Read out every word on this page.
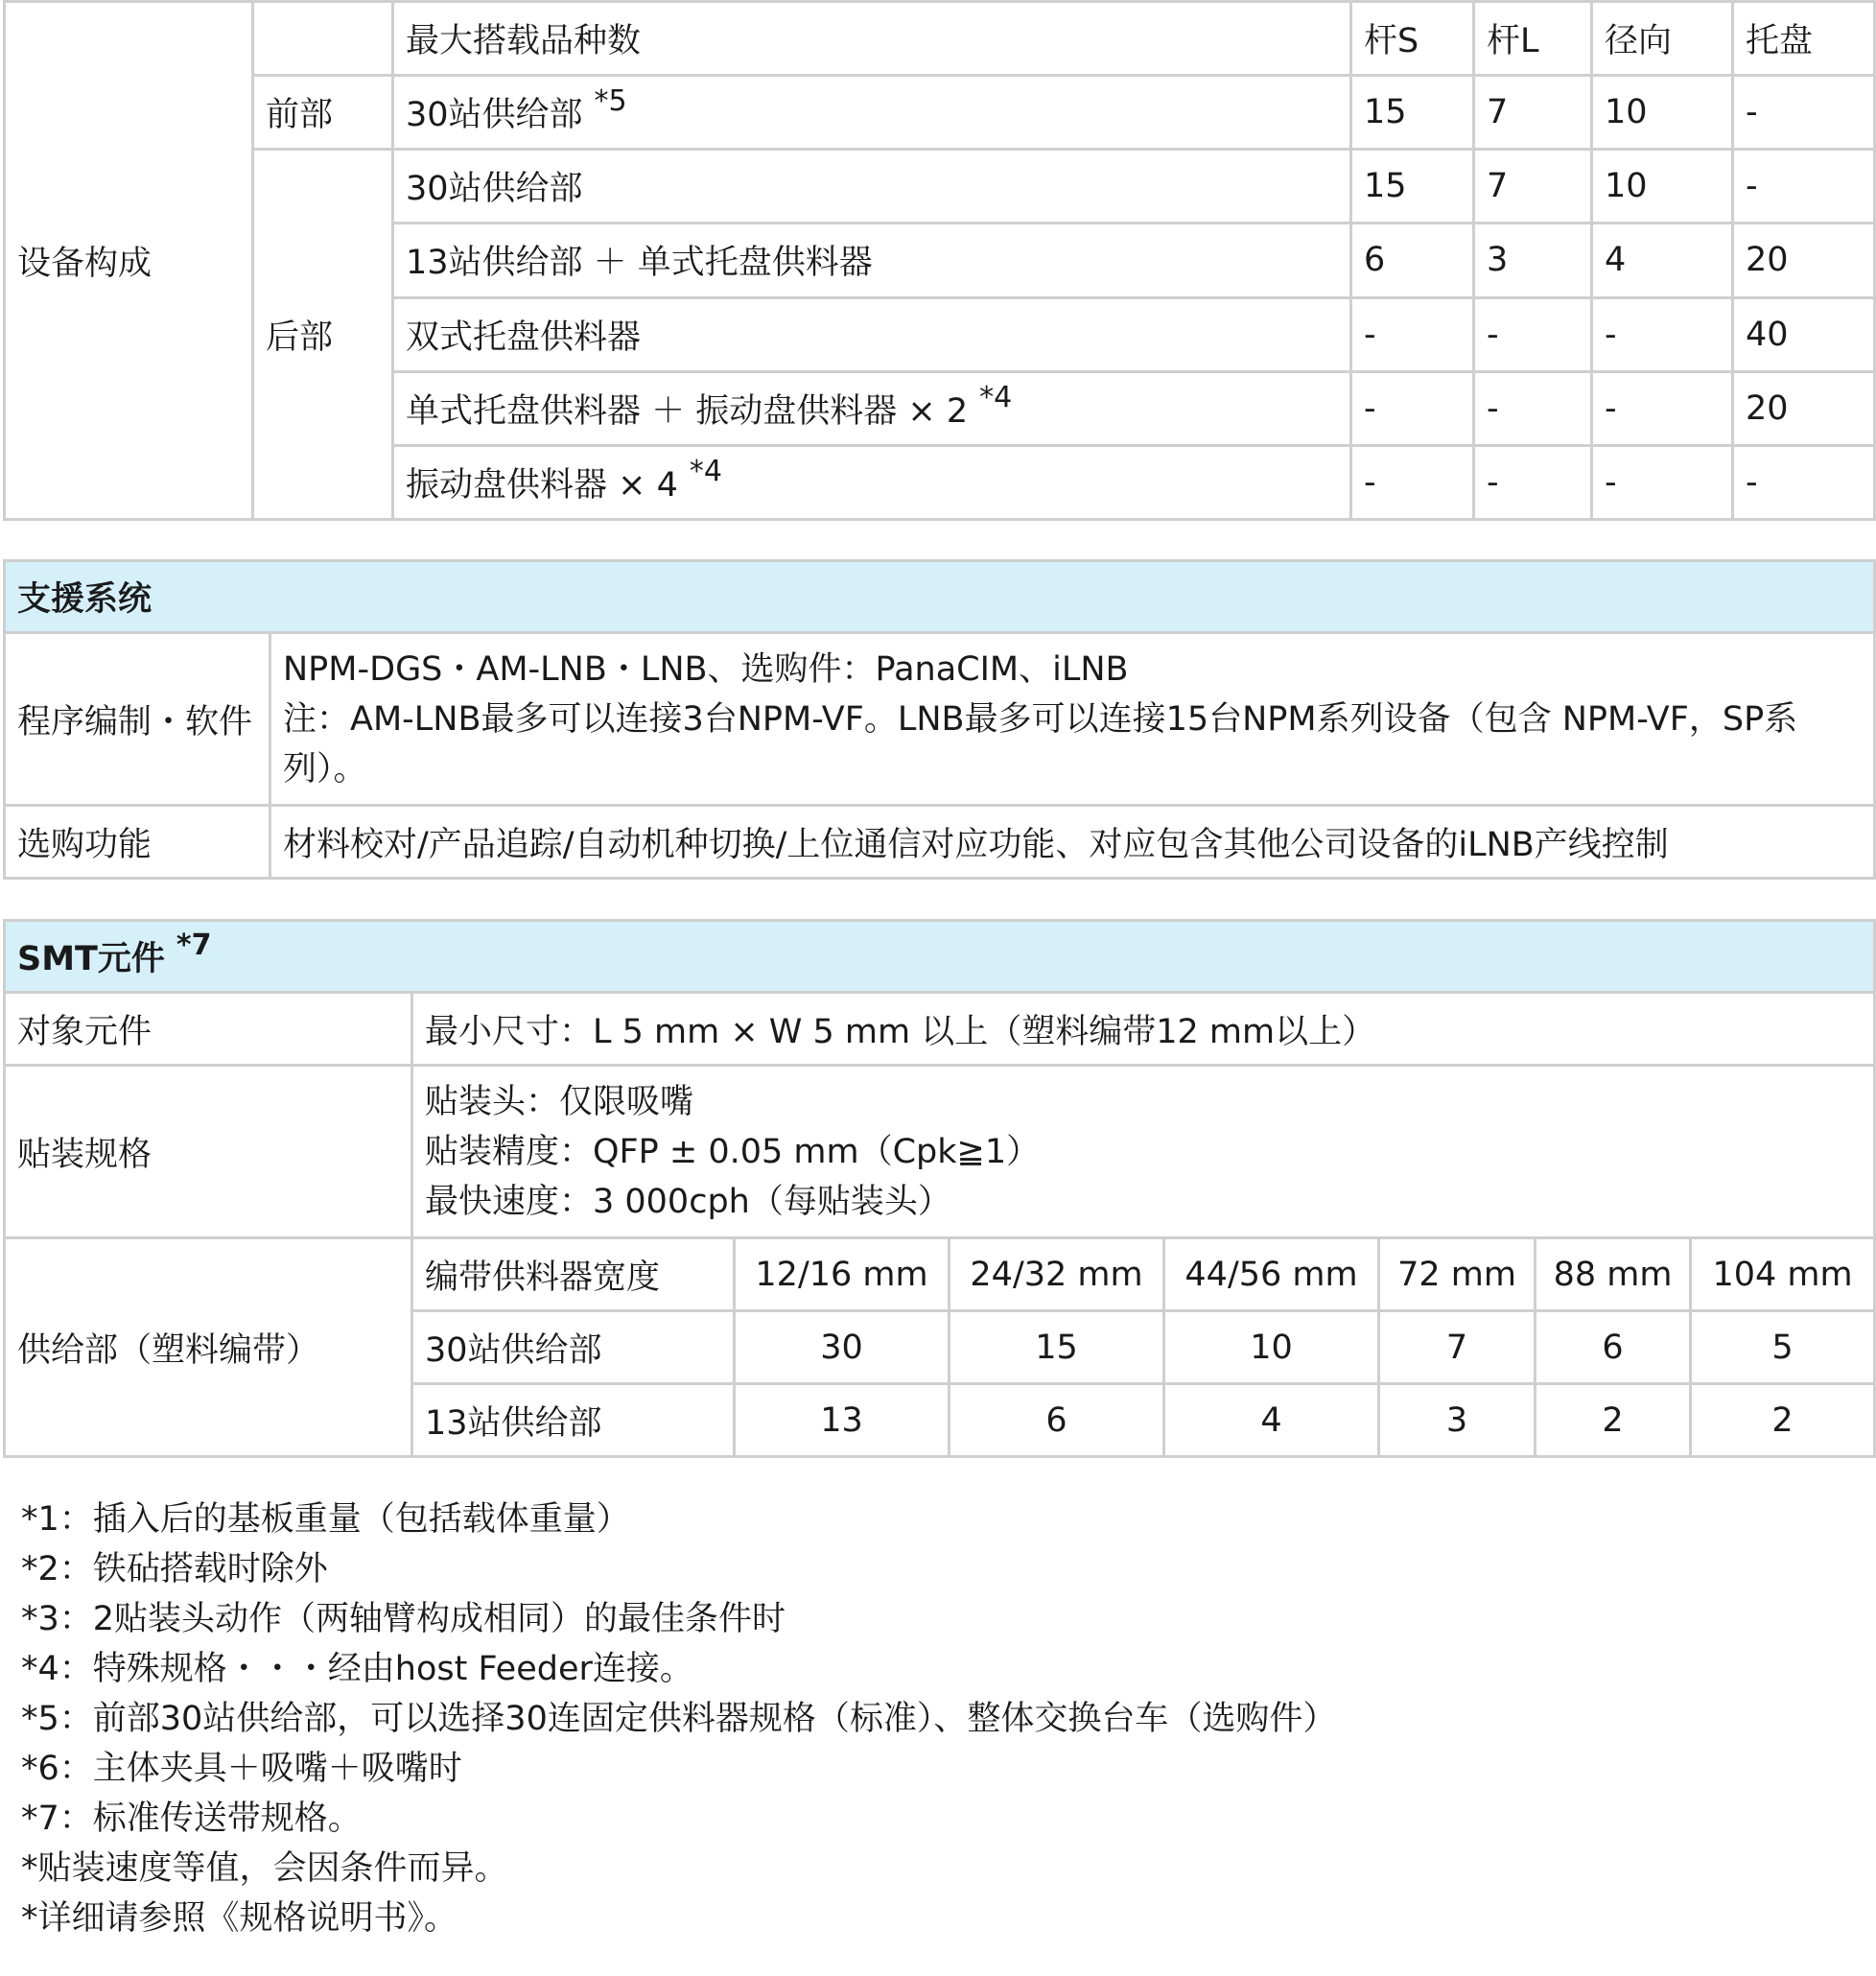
设备构成		最大搭载品种数	杆S	杆L	径向	托盘
	前部	30站供给部 $^{*5}$	15	7	10	-
	后部	30站供给部	15	7	10	-
		13站供给部 ＋ 单式托盘供料器	6	3	4	20
		双式托盘供料器	-	-	-	40
		单式托盘供料器 ＋ 振动盘供料器 × 2 $^{*4}$	-	-	-	20
		振动盘供料器 × 4 $^{*4}$	-	-	-	-
支援系统	
程序编制・软件	NPM-DGS・AM-LNB・LNB、选购件：PanaCIM、iLNB
注：AM-LNB最多可以连接3台NPM-VF。LNB最多可以连接15台NPM系列设备（包含 NPM-VF，SP系
列）。

选购功能	材料校对/产品追踪/自动机种切换/上位通信对应功能、对应包含其他公司设备的iLNB产线控制
SMT元件 $^{*7}$
对象元件	最小尺寸：L 5 mm × W 5 mm 以上（塑料编带12 mm以上）						
贴装规格	贴装头：仅限吸嘴
贴装精度：QFP ± 0.05 mm（Cpk≧1）
最快速度：3 000cph（每贴装头）						

供给部（塑料编带）	编带供料器宽度	12/16 mm	24/32 mm	44/56 mm	72 mm	88 mm	104 mm
	30站供给部	30	15	10	7	6	5
	13站供给部	13	6	4	3	2	2
*1：插入后的基板重量（包括载体重量）
*2：铁砧搭载时除外
*3：2贴装头动作（两轴臂构成相同）的最佳条件时
*4：特殊规格・・・经由host Feeder连接。
*5：前部30站供给部，可以选择30连固定供料器规格（标准）、整体交换台车（选购件）
*6：主体夹具＋吸嘴＋吸嘴时
*7：标准传送带规格。
*贴装速度等值，会因条件而异。
*详细请参照《规格说明书》。
